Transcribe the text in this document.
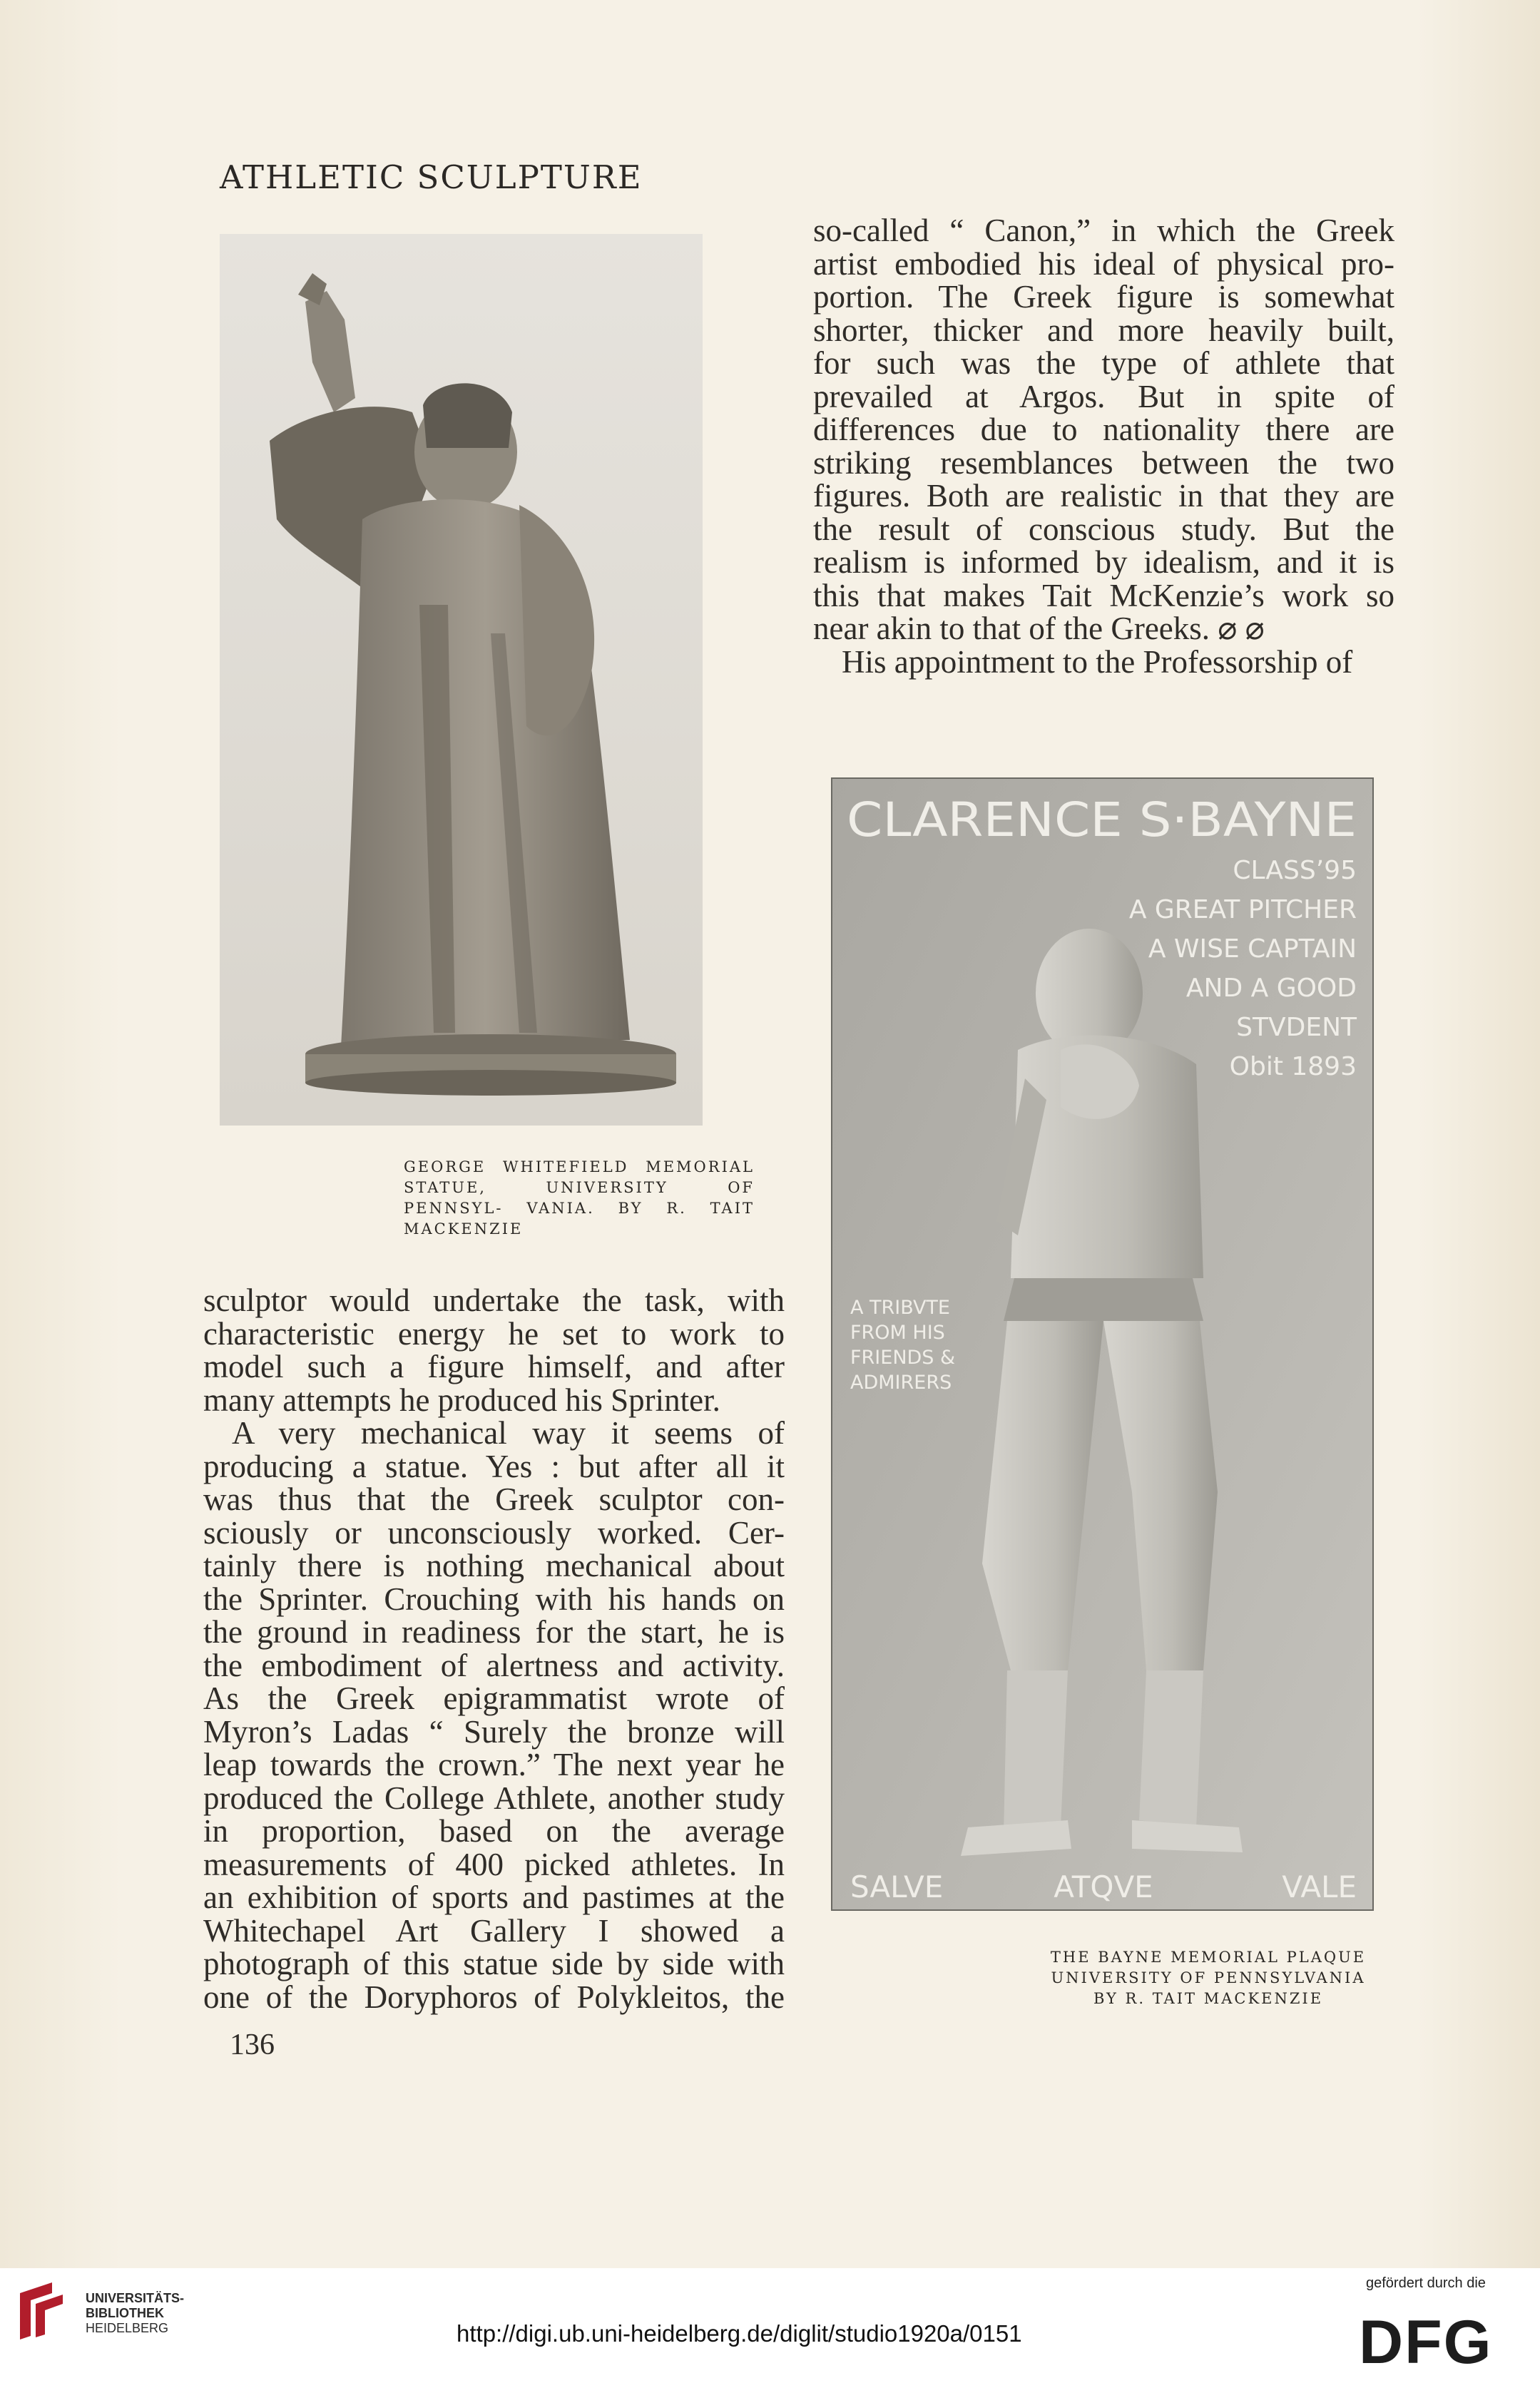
ATHLETIC SCULPTURE
so-called “ Canon,” in which the Greek
artist embodied his ideal of physical pro-
portion. The Greek figure is somewhat
shorter, thicker and more heavily built,
for such was the type of athlete that
prevailed at Argos. But in spite of
differences due to nationality there are
striking resemblances between the two
figures. Both are realistic in that they are
the result of conscious study. But the
realism is informed by idealism, and it is
this that makes Tait McKenzie’s work so
near akin to that of the Greeks. ⌀ ⌀
His appointment to the Professorship of
GEORGE WHITEFIELD MEMORIAL STATUE, UNIVERSITY OF PENNSYL- VANIA. BY R. TAIT MACKENZIE
CLARENCE S·BAYNE
CLASS’95
A GREAT PITCHER
A WISE CAPTAIN
AND A GOOD
STVDENT
Obit 1893
A TRIBVTE
FROM HIS
FRIENDS &
ADMIRERS
SALVE	ATQVE	VALE
THE BAYNE MEMORIAL PLAQUE UNIVERSITY OF PENNSYLVANIA BY R. TAIT MACKENZIE
sculptor would undertake the task, with
characteristic energy he set to work to
model such a figure himself, and after
many attempts he produced his Sprinter.
A very mechanical way it seems of
producing a statue. Yes : but after all it
was thus that the Greek sculptor con-
sciously or unconsciously worked. Cer-
tainly there is nothing mechanical about
the Sprinter. Crouching with his hands on
the ground in readiness for the start, he is
the embodiment of alertness and activity.
As the Greek epigrammatist wrote of
Myron’s Ladas “ Surely the bronze will
leap towards the crown.” The next year he
produced the College Athlete, another study
in proportion, based on the average
measurements of 400 picked athletes. In
an exhibition of sports and pastimes at the
Whitechapel Art Gallery I showed a
photograph of this statue side by side with
one of the Doryphoros of Polykleitos, the
136
UNIVERSITÄTS-
BIBLIOTHEK
HEIDELBERG	http://digi.ub.uni-heidelberg.de/diglit/studio1920a/0151
gefördert durch die
DFG
